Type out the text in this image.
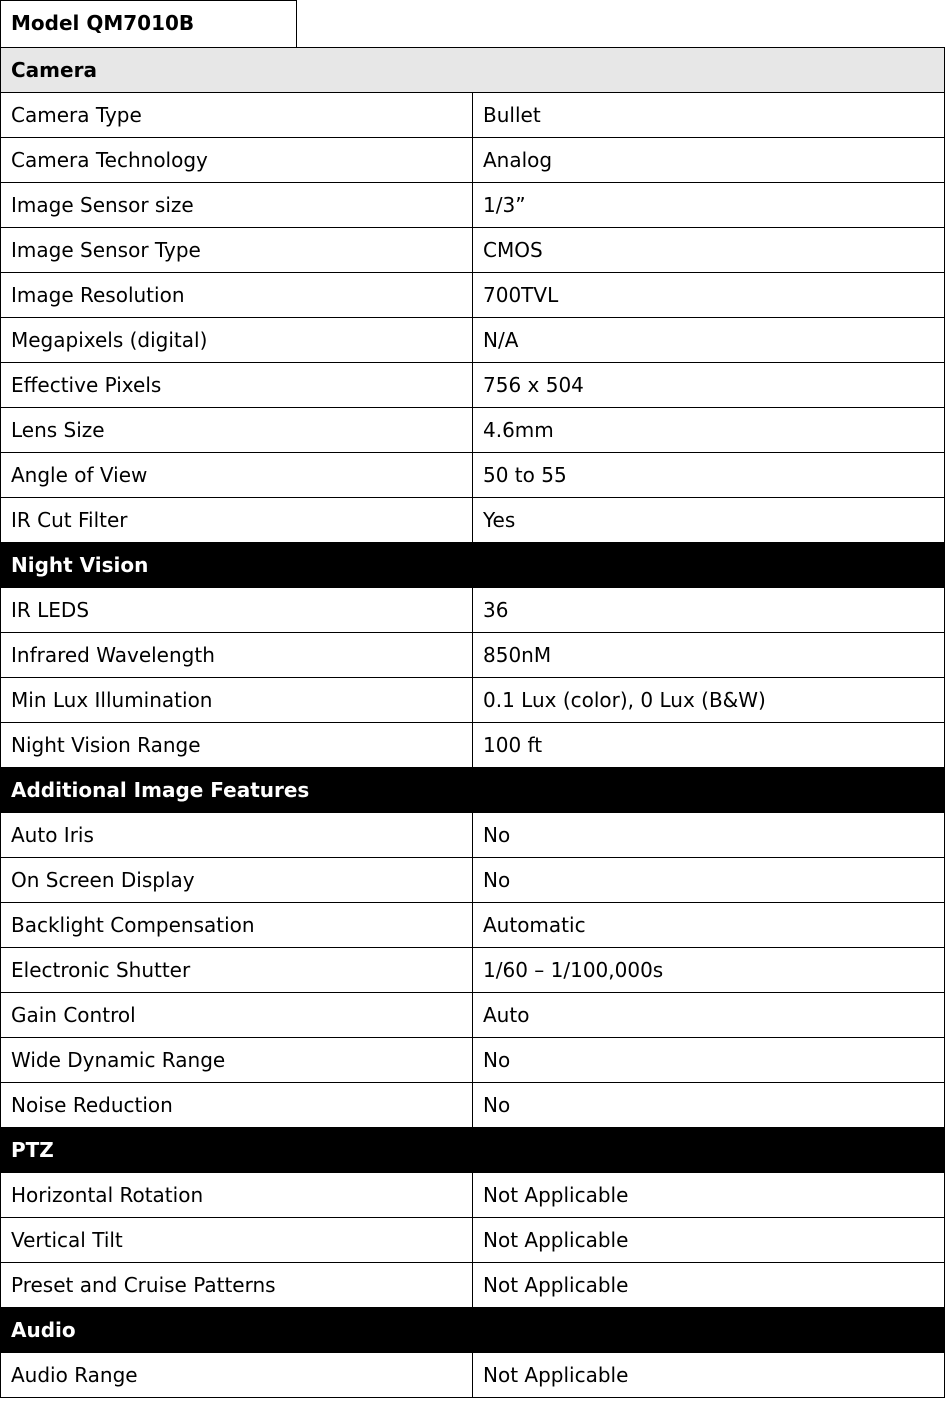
Model QM7010B
Camera	
Camera Type	Bullet
Camera Technology	Analog
Image Sensor size	1/3”
Image Sensor Type	CMOS
Image Resolution	700TVL
Megapixels (digital)	N/A
Effective Pixels	756 x 504
Lens Size	4.6mm
Angle of View	50 to 55
IR Cut Filter	Yes
Night Vision	
IR LEDS	36
Infrared Wavelength	850nM
Min Lux Illumination	0.1 Lux (color), 0 Lux (B&W)
Night Vision Range	100 ft
Additional Image Features	
Auto Iris	No
On Screen Display	No
Backlight Compensation	Automatic
Electronic Shutter	1/60 – 1/100,000s
Gain Control	Auto
Wide Dynamic Range	No
Noise Reduction	No
PTZ	
Horizontal Rotation	Not Applicable
Vertical Tilt	Not Applicable
Preset and Cruise Patterns	Not Applicable
Audio	
Audio Range	Not Applicable
